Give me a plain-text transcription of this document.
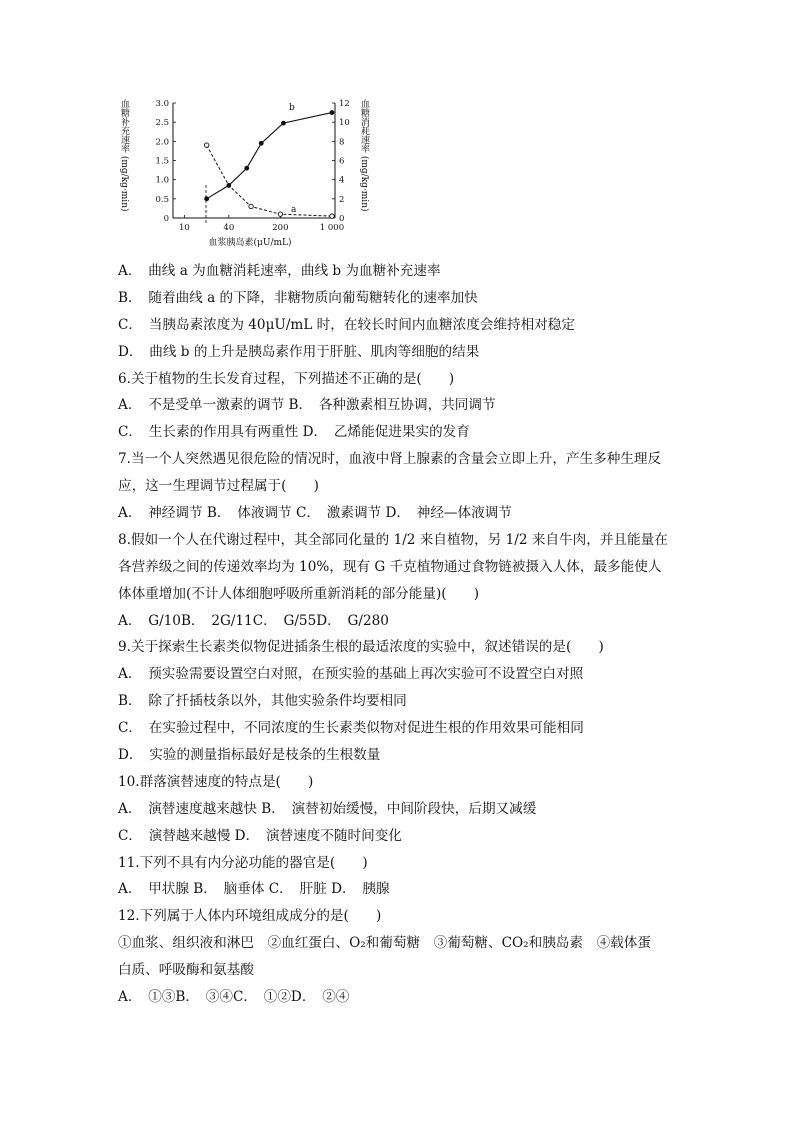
血糖补充速率 (mg/kg·min)	血糖消耗速率 (mg/kg·min)
0
0.5
1.0
1.5
2.0
2.5
3.0
0
2
4
6
8
10
12
10	40	200	1 000
a
b
血浆胰岛素(μU/mL)
A．　曲线 a 为血糖消耗速率，曲线 b 为血糖补充速率
B．　随着曲线 a 的下降，非糖物质向葡萄糖转化的速率加快
C．　当胰岛素浓度为 40μU/mL 时，在较长时间内血糖浓度会维持相对稳定
D．　曲线 b 的上升是胰岛素作用于肝脏、肌肉等细胞的结果
6.关于植物的生长发育过程，下列描述不正确的是(　　)
A．　不是受单一激素的调节 B．　各种激素相互协调，共同调节
C．　生长素的作用具有两重性 D．　乙烯能促进果实的发育
7.当一个人突然遇见很危险的情况时，血液中肾上腺素的含量会立即上升，产生多种生理反
应，这一生理调节过程属于(　　)
A．　神经调节 B．　体液调节 C．　激素调节 D．　神经—体液调节
8.假如一个人在代谢过程中，其全部同化量的 1/2 来自植物，另 1/2 来自牛肉，并且能量在
各营养级之间的传递效率均为 10%，现有 G 千克植物通过食物链被摄入人体，最多能使人
体体重增加(不计人体细胞呼吸所重新消耗的部分能量)(　　)
A．　G/10B．　2G/11C．　G/55D．　G/280
9.关于探索生长素类似物促进插条生根的最适浓度的实验中，叙述错误的是(　　)
A．　预实验需要设置空白对照，在预实验的基础上再次实验可不设置空白对照
B．　除了扦插枝条以外，其他实验条件均要相同
C．　在实验过程中，不同浓度的生长素类似物对促进生根的作用效果可能相同
D．　实验的测量指标最好是枝条的生根数量
10.群落演替速度的特点是(　　)
A．　演替速度越来越快 B．　演替初始缓慢，中间阶段快，后期又减缓
C．　演替越来越慢 D．　演替速度不随时间变化
11.下列不具有内分泌功能的器官是(　　)
A．　甲状腺 B．　脑垂体 C．　肝脏 D．　胰腺
12.下列属于人体内环境组成成分的是(　　)
①血浆、组织液和淋巴　②血红蛋白、O₂和葡萄糖　③葡萄糖、CO₂和胰岛素　④载体蛋
白质、呼吸酶和氨基酸
A．　①③B．　③④C．　①②D．　②④
